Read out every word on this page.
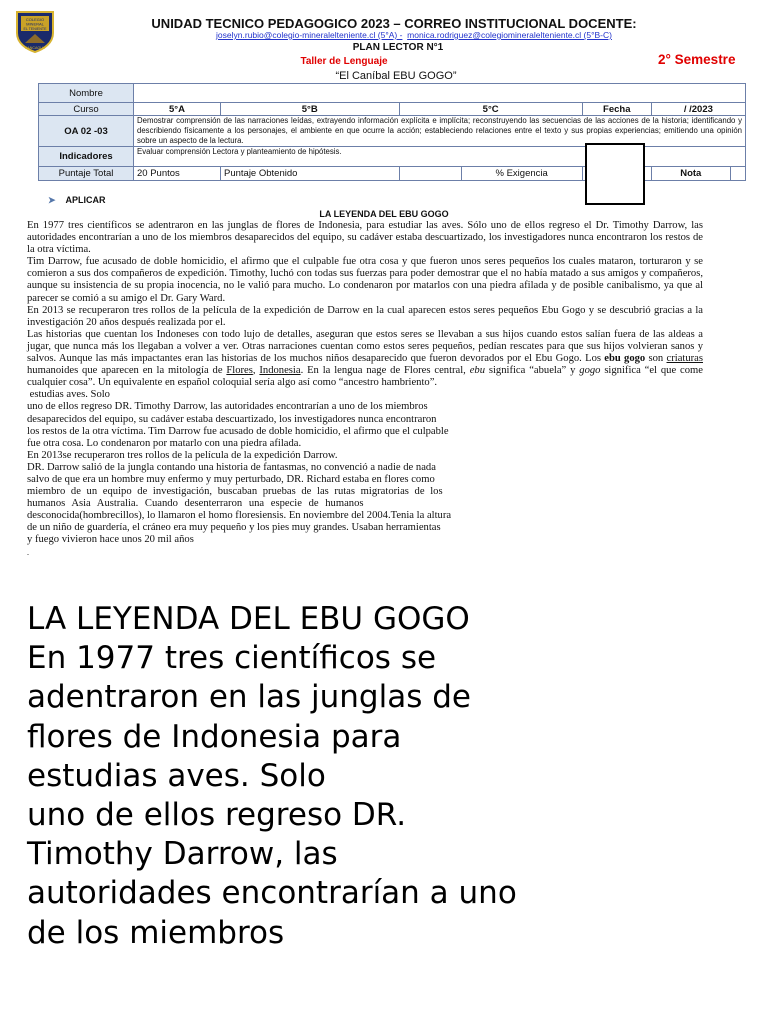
COLEGIO
MINERAL
EL TENIENTE
RANCAGUA
UNIDAD TECNICO PEDAGOGICO 2023 – CORREO INSTITUCIONAL DOCENTE:
joselyn.rubio@colegio-mineralelteniente.cl (5°A) - monica.rodriguez@colegiomineralelteniente.cl (5°B-C)
PLAN LECTOR N°1
Taller de Lenguaje
“El Caníbal EBU GOGO”
2° Semestre
Nombre							
Curso	5°A	5°B	5°C		Fecha	/ /2023	
OA 02 -03	Demostrar comprensión de las narraciones leídas, extrayendo información explícita e implícita; reconstruyendo las secuencias de las acciones de la historia; identificando y describiendo físicamente a los personajes, el ambiente en que ocurre la acción; estableciendo relaciones entre el texto y sus propias experiencias; emitiendo una opinión sobre un aspecto de la lectura.						
Indicadores	Evaluar comprensión Lectora y planteamiento de hipótesis.						
Puntaje Total	20 Puntos	Puntaje Obtenido		% Exigencia		Nota	
➤ APLICAR
LA LEYENDA DEL EBU GOGO
En 1977 tres científicos se adentraron en las junglas de flores de Indonesia, para estudiar las aves. Sólo uno de ellos regreso el Dr. Timothy Darrow, las autoridades encontrarían a uno de los miembros desaparecidos del equipo, su cadáver estaba descuartizado, los investigadores nunca encontraron los restos de la otra víctima.
Tim Darrow, fue acusado de doble homicidio, el afirmo que el culpable fue otra cosa y que fueron unos seres pequeños los cuales mataron, torturaron y se comieron a sus dos compañeros de expedición. Timothy, luchó con todas sus fuerzas para poder demostrar que el no había matado a sus amigos y compañeros, aunque su insistencia de su propia inocencia, no le valió para mucho. Lo condenaron por matarlos con una piedra afilada y de posible canibalismo, ya que al parecer se comió a su amigo el Dr. Gary Ward.
En 2013 se recuperaron tres rollos de la película de la expedición de Darrow en la cual aparecen estos seres pequeños Ebu Gogo y se descubrió gracias a la investigación 20 años después realizada por el.
Las historias que cuentan los Indoneses con todo lujo de detalles, aseguran que estos seres se llevaban a sus hijos cuando estos salían fuera de las aldeas a jugar, que nunca más los llegaban a volver a ver. Otras narraciones cuentan como estos seres pequeños, pedían rescates para que sus hijos volvieran sanos y salvos. Aunque las más impactantes eran las historias de los muchos niños desaparecido que fueron devorados por el Ebu Gogo. Los ebu gogo son criaturas humanoides que aparecen en la mitología de Flores, Indonesia. En la lengua nage de Flores central, ebu significa “abuela” y gogo significa “el que come cualquier cosa”. Un equivalente en español coloquial sería algo así como “ancestro hambriento”.
estudias aves. Solo
uno de ellos regreso DR. Timothy Darrow, las autoridades encontrarían a uno de los miembros
desaparecidos del equipo, su cadáver estaba descuartizado, los investigadores nunca encontraron
los restos de la otra víctima. Tim Darrow fue acusado de doble homicidio, el afirmo que el culpable
fue otra cosa. Lo condenaron por matarlo con una piedra afilada.
En 2013se recuperaron tres rollos de la película de la expedición Darrow.
DR. Darrow salió de la jungla contando una historia de fantasmas, no convenció a nadie de nada
salvo de que era un hombre muy enfermo y muy perturbado, DR. Richard estaba en flores como
miembro de un equipo de investigación, buscaban pruebas de las rutas migratorias de los
humanos Asia Australia. Cuando desenterraron una especie de humanos
desconocida(hombrecillos), lo llamaron el homo floresiensis. En noviembre del 2004.Tenia la altura
de un niño de guardería, el cráneo era muy pequeño y los pies muy grandes. Usaban herramientas
y fuego vivieron hace unos 20 mil años
.
LA LEYENDA DEL EBU GOGO
En 1977 tres científicos se
adentraron en las junglas de
flores de Indonesia para
estudias aves. Solo
uno de ellos regreso DR.
Timothy Darrow, las
autoridades encontrarían a uno
de los miembros
